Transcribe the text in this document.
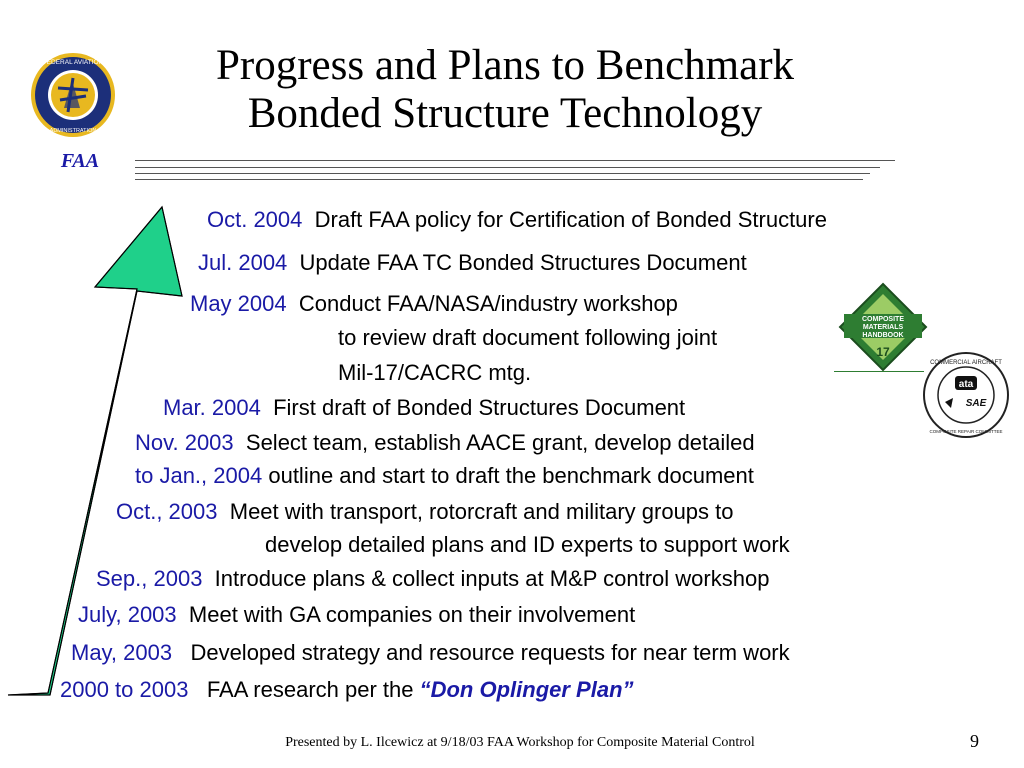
FEDERAL AVIATION
ADMINISTRATION
FAA
Progress and Plans to Benchmark
Bonded Structure Technology
Oct. 2004 Draft FAA policy for Certification of Bonded Structure
Jul. 2004 Update FAA TC Bonded Structures Document
May 2004 Conduct FAA/NASA/industry workshop
to review draft document following joint
Mil-17/CACRC mtg.
Mar. 2004 First draft of Bonded Structures Document
Nov. 2003 Select team, establish AACE grant, develop detailed
to Jan., 2004 outline and start to draft the benchmark document
Oct., 2003 Meet with transport, rotorcraft and military groups to
develop detailed plans and ID experts to support work
Sep., 2003 Introduce plans & collect inputs at M&P control workshop
July, 2003 Meet with GA companies on their involvement
May, 2003 Developed strategy and resource requests for near term work
2000 to 2003 FAA research per the “Don Oplinger Plan”
COMPOSITE
MATERIALS
HANDBOOK
17
COMMERCIAL AIRCRAFT
COMPOSITE REPAIR COMMITTEE
ata
SAE
Presented by L. Ilcewicz at 9/18/03 FAA Workshop for Composite Material Control	9
